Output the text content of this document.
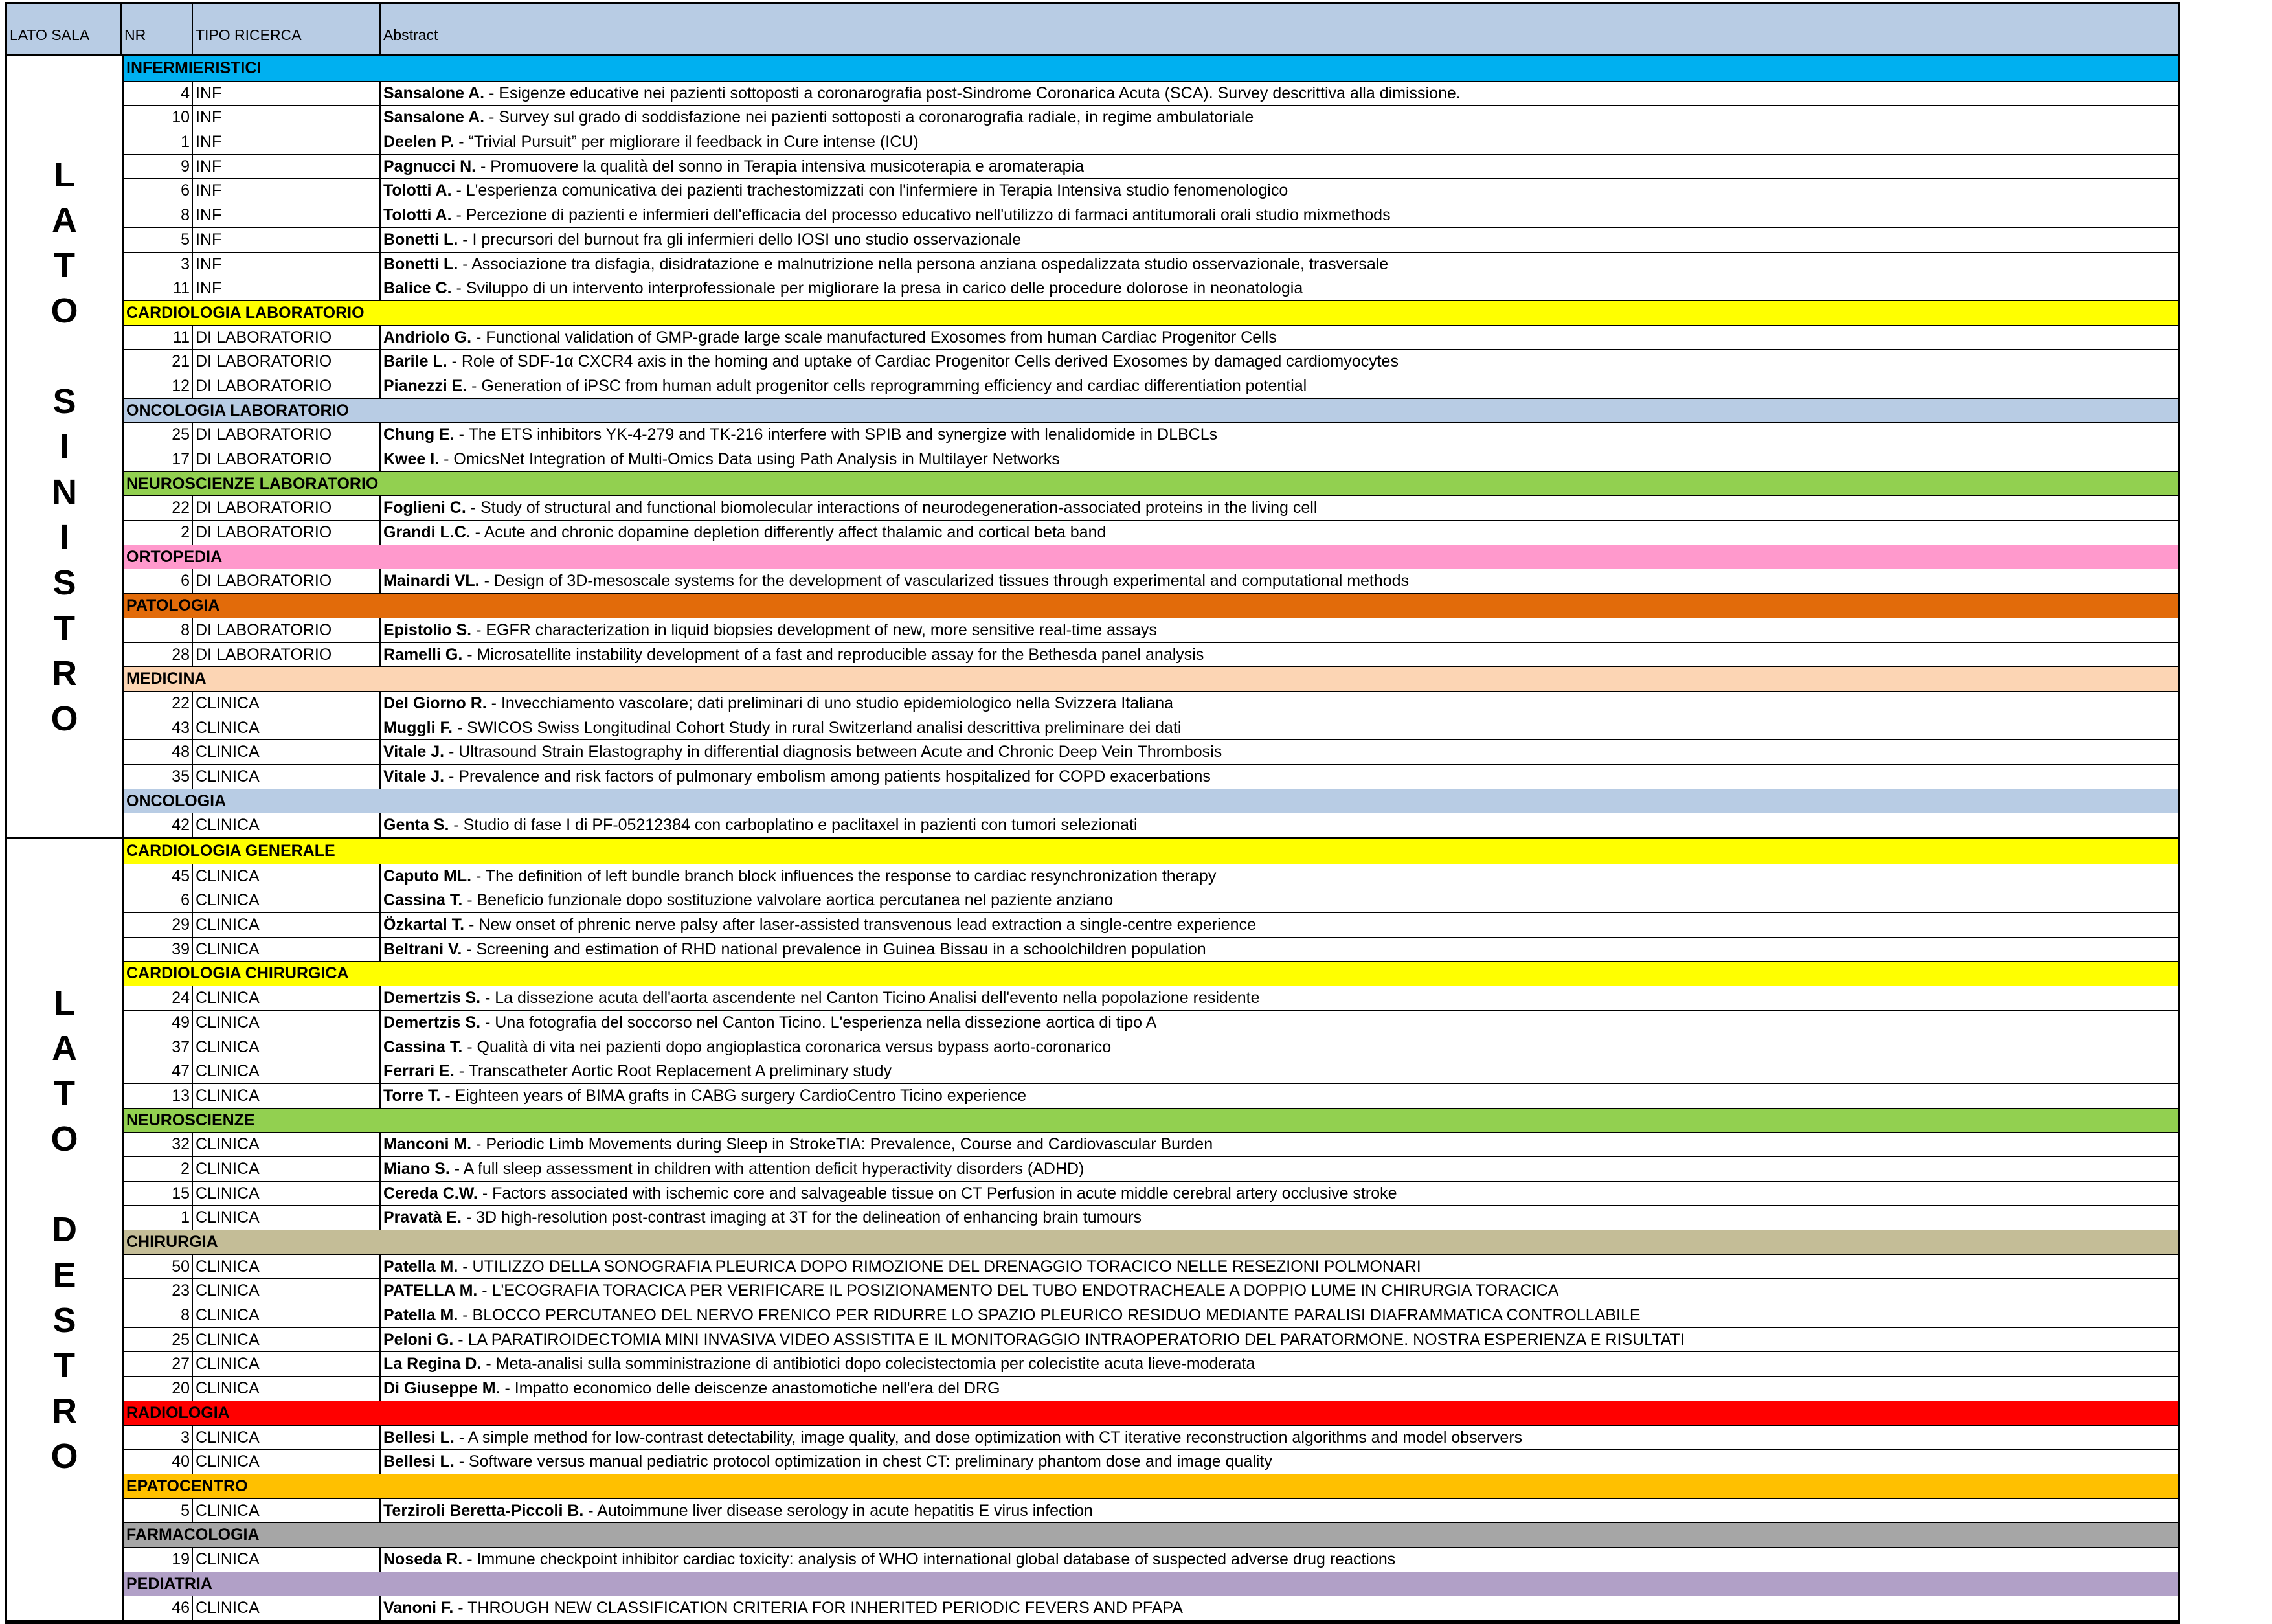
LATO SALA	NR	TIPO RICERCA	Abstract
L
A
T
O
S
I
N
I
S
T
R
O
INFERMIERISTICI
4 INF	Sansalone A. - Esigenze educative nei pazienti sottoposti a coronarografia post-Sindrome Coronarica Acuta (SCA). Survey descrittiva alla dimissione.
10 INF	Sansalone A. - Survey sul grado di soddisfazione nei pazienti sottoposti a coronarografia radiale, in regime ambulatoriale
1 INF	Deelen P. - “Trivial Pursuit” per migliorare il feedback in Cure intense (ICU)
9 INF	Pagnucci N. - Promuovere la qualità del sonno in Terapia intensiva musicoterapia e aromaterapia
6 INF	Tolotti A. - L'esperienza comunicativa dei pazienti trachestomizzati con l'infermiere in Terapia Intensiva studio fenomenologico
8 INF	Tolotti A. - Percezione di pazienti e infermieri dell'efficacia del processo educativo nell'utilizzo di farmaci antitumorali orali studio mixmethods
5 INF	Bonetti L. - I precursori del burnout fra gli infermieri dello IOSI uno studio osservazionale
3 INF	Bonetti L. - Associazione tra disfagia, disidratazione e malnutrizione nella persona anziana ospedalizzata studio osservazionale, trasversale
11 INF	Balice C. - Sviluppo di un intervento interprofessionale per migliorare la presa in carico delle procedure dolorose in neonatologia
CARDIOLOGIA LABORATORIO
11 DI LABORATORIO	Andriolo G. - Functional validation of GMP-grade large scale manufactured Exosomes from human Cardiac Progenitor Cells
21 DI LABORATORIO	Barile L. - Role of SDF-1α CXCR4 axis in the homing and uptake of Cardiac Progenitor Cells derived Exosomes by damaged cardiomyocytes
12 DI LABORATORIO	Pianezzi E. - Generation of iPSC from human adult progenitor cells reprogramming efficiency and cardiac differentiation potential
ONCOLOGIA LABORATORIO
25 DI LABORATORIO	Chung E. - The ETS inhibitors YK-4-279 and TK-216 interfere with SPIB and synergize with lenalidomide in DLBCLs
17 DI LABORATORIO	Kwee I. - OmicsNet Integration of Multi-Omics Data using Path Analysis in Multilayer Networks
NEUROSCIENZE LABORATORIO
22 DI LABORATORIO	Foglieni C. - Study of structural and functional biomolecular interactions of neurodegeneration-associated proteins in the living cell
2 DI LABORATORIO	Grandi L.C. - Acute and chronic dopamine depletion differently affect thalamic and cortical beta band
ORTOPEDIA
6 DI LABORATORIO	Mainardi VL. - Design of 3D-mesoscale systems for the development of vascularized tissues through experimental and computational methods
PATOLOGIA
8 DI LABORATORIO	Epistolio S. - EGFR characterization in liquid biopsies development of new, more sensitive real-time assays
28 DI LABORATORIO	Ramelli G. - Microsatellite instability development of a fast and reproducible assay for the Bethesda panel analysis
MEDICINA
22 CLINICA	Del Giorno R. - Invecchiamento vascolare; dati preliminari di uno studio epidemiologico nella Svizzera Italiana
43 CLINICA	Muggli F. - SWICOS Swiss Longitudinal Cohort Study in rural Switzerland analisi descrittiva preliminare dei dati
48 CLINICA	Vitale J. - Ultrasound Strain Elastography in differential diagnosis between Acute and Chronic Deep Vein Thrombosis
35 CLINICA	Vitale J. - Prevalence and risk factors of pulmonary embolism among patients hospitalized for COPD exacerbations
ONCOLOGIA
42 CLINICA	Genta S. - Studio di fase I di PF-05212384 con carboplatino e paclitaxel in pazienti con tumori selezionati
L
A
T
O
D
E
S
T
R
O
CARDIOLOGIA GENERALE
45 CLINICA	Caputo ML. - The definition of left bundle branch block influences the response to cardiac resynchronization therapy
6 CLINICA	Cassina T. - Beneficio funzionale dopo sostituzione valvolare aortica percutanea nel paziente anziano
29 CLINICA	Özkartal T. - New onset of phrenic nerve palsy after laser-assisted transvenous lead extraction a single-centre experience
39 CLINICA	Beltrani V. - Screening and estimation of RHD national prevalence in Guinea Bissau in a schoolchildren population
CARDIOLOGIA CHIRURGICA
24 CLINICA	Demertzis S. - La dissezione acuta dell'aorta ascendente nel Canton Ticino Analisi dell'evento nella popolazione residente
49 CLINICA	Demertzis S. - Una fotografia del soccorso nel Canton Ticino. L'esperienza nella dissezione aortica di tipo A
37 CLINICA	Cassina T. - Qualità di vita nei pazienti dopo angioplastica coronarica versus bypass aorto-coronarico
47 CLINICA	Ferrari E. - Transcatheter Aortic Root Replacement A preliminary study
13 CLINICA	Torre T. - Eighteen years of BIMA grafts in CABG surgery CardioCentro Ticino experience
NEUROSCIENZE
32 CLINICA	Manconi M. - Periodic Limb Movements during Sleep in StrokeTIA: Prevalence, Course and Cardiovascular Burden
2 CLINICA	Miano S. - A full sleep assessment in children with attention deficit hyperactivity disorders (ADHD)
15 CLINICA	Cereda C.W. - Factors associated with ischemic core and salvageable tissue on CT Perfusion in acute middle cerebral artery occlusive stroke
1 CLINICA	Pravatà E. - 3D high-resolution post-contrast imaging at 3T for the delineation of enhancing brain tumours
CHIRURGIA
50 CLINICA	Patella M. - UTILIZZO DELLA SONOGRAFIA PLEURICA DOPO RIMOZIONE DEL DRENAGGIO TORACICO NELLE RESEZIONI POLMONARI
23 CLINICA	PATELLA M. - L'ECOGRAFIA TORACICA PER VERIFICARE IL POSIZIONAMENTO DEL TUBO ENDOTRACHEALE A DOPPIO LUME IN CHIRURGIA TORACICA
8 CLINICA	Patella M. - BLOCCO PERCUTANEO DEL NERVO FRENICO PER RIDURRE LO SPAZIO PLEURICO RESIDUO MEDIANTE PARALISI DIAFRAMMATICA CONTROLLABILE
25 CLINICA	Peloni G. - LA PARATIROIDECTOMIA MINI INVASIVA VIDEO ASSISTITA E IL MONITORAGGIO INTRAOPERATORIO DEL PARATORMONE. NOSTRA ESPERIENZA E RISULTATI
27 CLINICA	La Regina D. - Meta-analisi sulla somministrazione di antibiotici dopo colecistectomia per colecistite acuta lieve-moderata
20 CLINICA	Di Giuseppe M. - Impatto economico delle deiscenze anastomotiche nell'era del DRG
RADIOLOGIA
3 CLINICA	Bellesi L. - A simple method for low-contrast detectability, image quality, and dose optimization with CT iterative reconstruction algorithms and model observers
40 CLINICA	Bellesi L. - Software versus manual pediatric protocol optimization in chest CT: preliminary phantom dose and image quality
EPATOCENTRO
5 CLINICA	Terziroli Beretta-Piccoli B. - Autoimmune liver disease serology in acute hepatitis E virus infection
FARMACOLOGIA
19 CLINICA	Noseda R. - Immune checkpoint inhibitor cardiac toxicity: analysis of WHO international global database of suspected adverse drug reactions
PEDIATRIA
46 CLINICA	Vanoni F. - THROUGH NEW CLASSIFICATION CRITERIA FOR INHERITED PERIODIC FEVERS AND PFAPA
